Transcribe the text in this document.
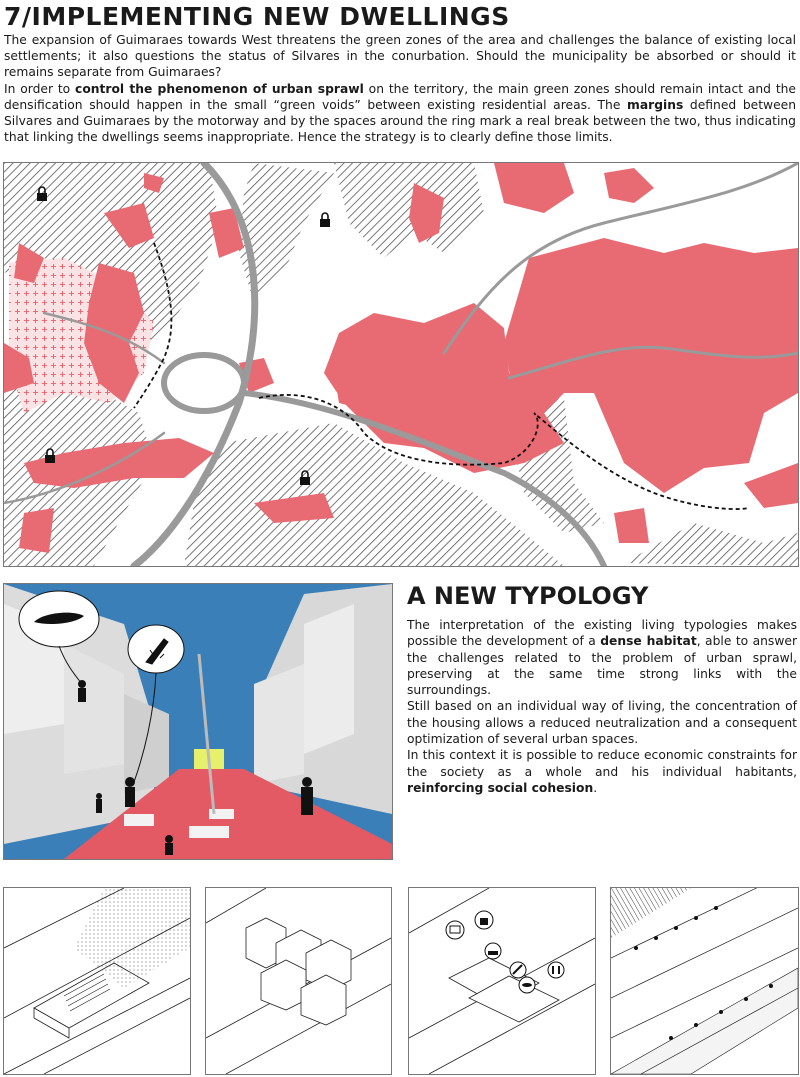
7/IMPLEMENTING NEW DWELLINGS

The expansion of Guimaraes towards West threatens the green zones of the area and challenges the balance of existing local settlements; it also questions the status of Silvares in the conurbation. Should the municipality be absorbed or should it remains separate from Guimaraes?

In order to control the phenomenon of urban sprawl on the territory, the main green zones should remain intact and the densification should happen in the small “green voids” between existing residential areas. The margins defined between Silvares and Guimaraes by the motorway and by the spaces around the ring mark a real break between the two, thus indicating that linking the dwellings seems inappropriate. Hence the strategy is to clearly define those limits.

A NEW TYPOLOGY

The interpretation of the existing living typologies makes possible the development of a dense habitat, able to answer the challenges related to the problem of urban sprawl, preserving at the same time strong links with the surroundings.

Still based on an individual way of living, the concentration of the housing allows a reduced neutralization and a consequent optimization of several urban spaces.

In this context it is possible to reduce economic constraints for the society as a whole and his individual habitants, reinforcing social cohesion.
